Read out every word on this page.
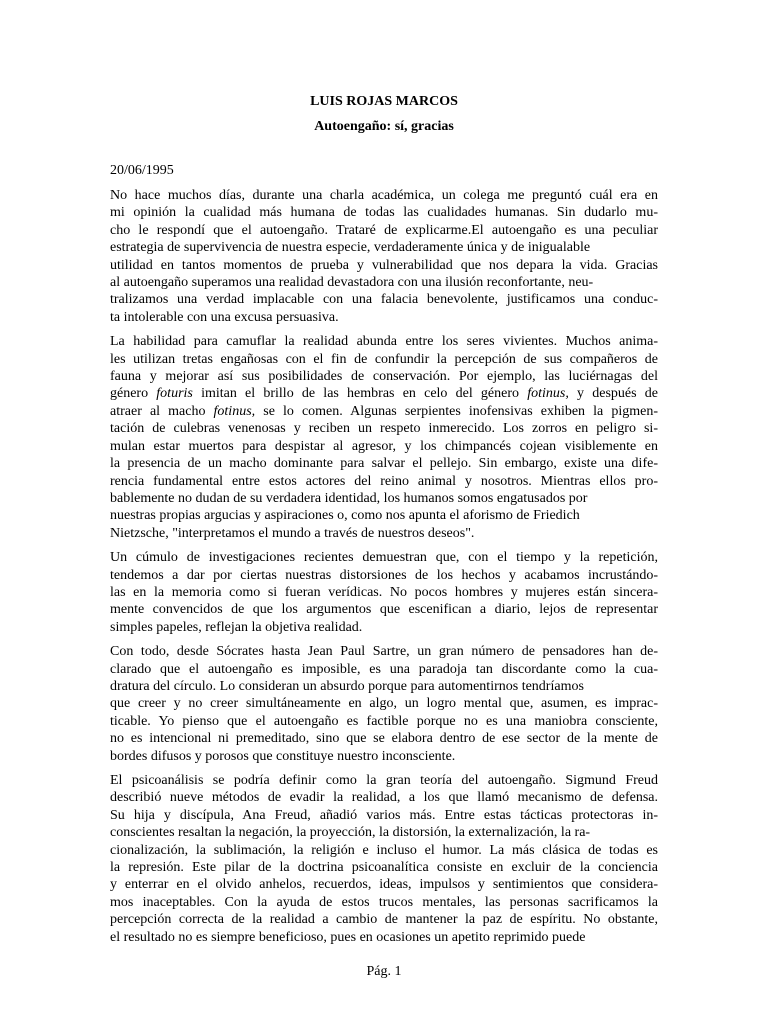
LUIS ROJAS MARCOS
Autoengaño: sí, gracias
20/06/1995

No hace muchos días, durante una charla académica, un colega me preguntó cuál era en
mi opinión la cualidad más humana de todas las cualidades humanas. Sin dudarlo mu-
cho le respondí que el autoengaño. Trataré de explicarme.El autoengaño es una peculiar
estrategia de supervivencia de nuestra especie, verdaderamente única y de inigualable
utilidad en tantos momentos de prueba y vulnerabilidad que nos depara la vida. Gracias
al autoengaño superamos una realidad devastadora con una ilusión reconfortante, neu-
tralizamos una verdad implacable con una falacia benevolente, justificamos una conduc-
ta intolerable con una excusa persuasiva.

La habilidad para camuflar la realidad abunda entre los seres vivientes. Muchos anima-
les utilizan tretas engañosas con el fin de confundir la percepción de sus compañeros de
fauna y mejorar así sus posibilidades de conservación. Por ejemplo, las luciérnagas del
género foturis imitan el brillo de las hembras en celo del género fotinus, y después de
atraer al macho fotinus, se lo comen. Algunas serpientes inofensivas exhiben la pigmen-
tación de culebras venenosas y reciben un respeto inmerecido. Los zorros en peligro si-
mulan estar muertos para despistar al agresor, y los chimpancés cojean visiblemente en
la presencia de un macho dominante para salvar el pellejo. Sin embargo, existe una dife-
rencia fundamental entre estos actores del reino animal y nosotros. Mientras ellos pro-
bablemente no dudan de su verdadera identidad, los humanos somos engatusados por
nuestras propias argucias y aspiraciones o, como nos apunta el aforismo de Friedich
Nietzsche, "interpretamos el mundo a través de nuestros deseos".

Un cúmulo de investigaciones recientes demuestran que, con el tiempo y la repetición,
tendemos a dar por ciertas nuestras distorsiones de los hechos y acabamos incrustándo-
las en la memoria como si fueran verídicas. No pocos hombres y mujeres están sincera-
mente convencidos de que los argumentos que escenifican a diario, lejos de representar
simples papeles, reflejan la objetiva realidad.

Con todo, desde Sócrates hasta Jean Paul Sartre, un gran número de pensadores han de-
clarado que el autoengaño es imposible, es una paradoja tan discordante como la cua-
dratura del círculo. Lo consideran un absurdo porque para automentirnos tendríamos
que creer y no creer simultáneamente en algo, un logro mental que, asumen, es imprac-
ticable. Yo pienso que el autoengaño es factible porque no es una maniobra consciente,
no es intencional ni premeditado, sino que se elabora dentro de ese sector de la mente de
bordes difusos y porosos que constituye nuestro inconsciente.

El psicoanálisis se podría definir como la gran teoría del autoengaño. Sigmund Freud
describió nueve métodos de evadir la realidad, a los que llamó mecanismo de defensa.
Su hija y discípula, Ana Freud, añadió varios más. Entre estas tácticas protectoras in-
conscientes resaltan la negación, la proyección, la distorsión, la externalización, la ra-
cionalización, la sublimación, la religión e incluso el humor. La más clásica de todas es
la represión. Este pilar de la doctrina psicoanalítica consiste en excluir de la conciencia
y enterrar en el olvido anhelos, recuerdos, ideas, impulsos y sentimientos que considera-
mos inaceptables. Con la ayuda de estos trucos mentales, las personas sacrificamos la
percepción correcta de la realidad a cambio de mantener la paz de espíritu. No obstante,
el resultado no es siempre beneficioso, pues en ocasiones un apetito reprimido puede

Pág. 1
